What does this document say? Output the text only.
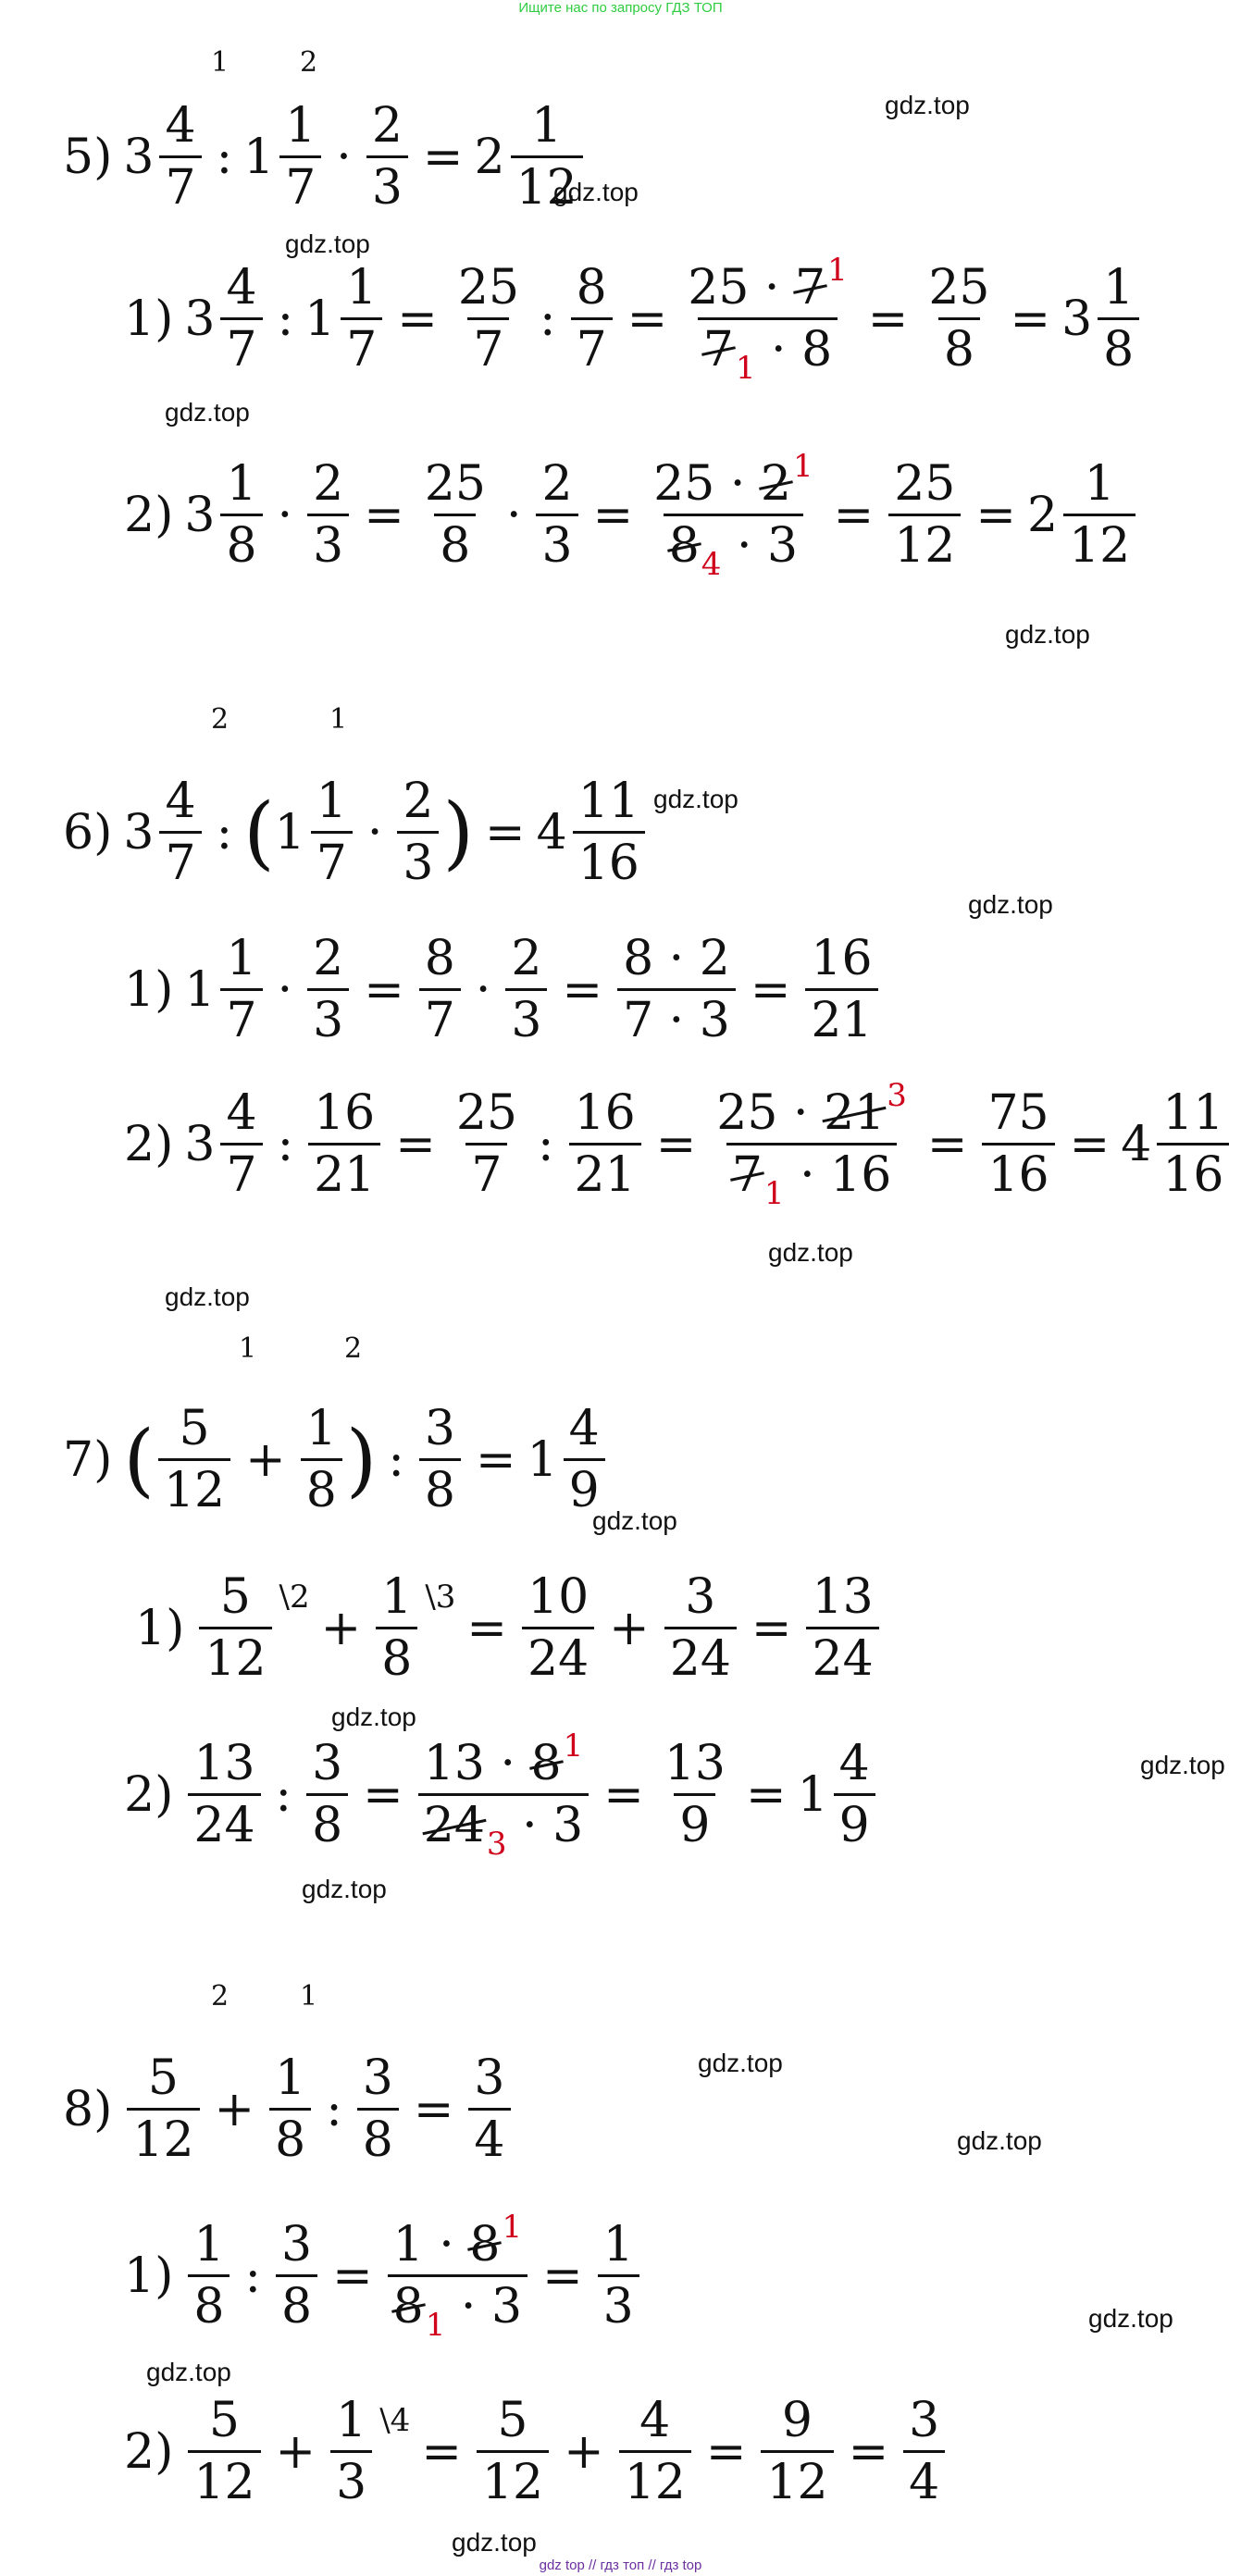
Ищите нас по запросу ГДЗ ТОП
1	2
5) $3 \frac{4}{7}$ : $1 \frac{1}{7} \cdot \frac{2}{3} = 2 \frac{1}{12}$
1) $3 \frac{4}{7}$ : $1 \frac{1}{7} = \frac{25}{7}$ : $\frac{8}{7} = \frac{25 \cdot 7^1}{7_1 \cdot 8} = \frac{25}{8} = 3 \frac{1}{8}$
2) $3 \frac{1}{8} \cdot \frac{2}{3} = \frac{25}{8} \cdot \frac{2}{3} = \frac{25 \cdot 2^1}{8_4 \cdot 3} = \frac{25}{12} = 2 \frac{1}{12}$
2	1
6) $3 \frac{4}{7}$ : ( $1 \frac{1}{7} \cdot \frac{2}{3}$ ) = $4 \frac{11}{16}$
1) $1 \frac{1}{7} \cdot \frac{2}{3} = \frac{8}{7} \cdot \frac{2}{3} = \frac{8 \cdot 2}{7 \cdot 3} = \frac{16}{21}$
2) $3 \frac{4}{7}$ : $\frac{16}{21} = \frac{25}{7}$ : $\frac{16}{21} = \frac{25 \cdot 21^3}{7_1 \cdot 16} = \frac{75}{16} = 4 \frac{11}{16}$
1	2
7) ( $\frac{5}{12} + \frac{1}{8}$ ) : $\frac{3}{8} = 1 \frac{4}{9}$
$1) \frac{5}{12}$ \2
+ $\frac{1}{8}$ \3
= $\frac{10}{24} + \frac{3}{24} = \frac{13}{24}$
$2) \frac{13}{24}$ : $\frac{3}{8} = \frac{13 \cdot 8^1}{24_3 \cdot 3} = \frac{13}{9} = 1 \frac{4}{9}$
2	1
$8) \frac{5}{12} + \frac{1}{8}$ : $\frac{3}{8} = \frac{3}{4}$
$1) \frac{1}{8}$ : $\frac{3}{8} = \frac{1 \cdot 8^1}{8_1 \cdot 3} = \frac{1}{3}$
$2) \frac{5}{12} + \frac{1}{3}$ \4
= $\frac{5}{12} + \frac{4}{12} = \frac{9}{12} = \frac{3}{4}$
gdz.top
gdz.top
gdz.top
gdz.top
gdz.top
gdz.top
gdz.top
gdz.top
gdz.top
gdz.top
gdz.top
gdz.top
gdz.top
gdz.top
gdz.top
gdz.top
gdz.top
gdz.top
gdz top // гдз топ // гдз top
